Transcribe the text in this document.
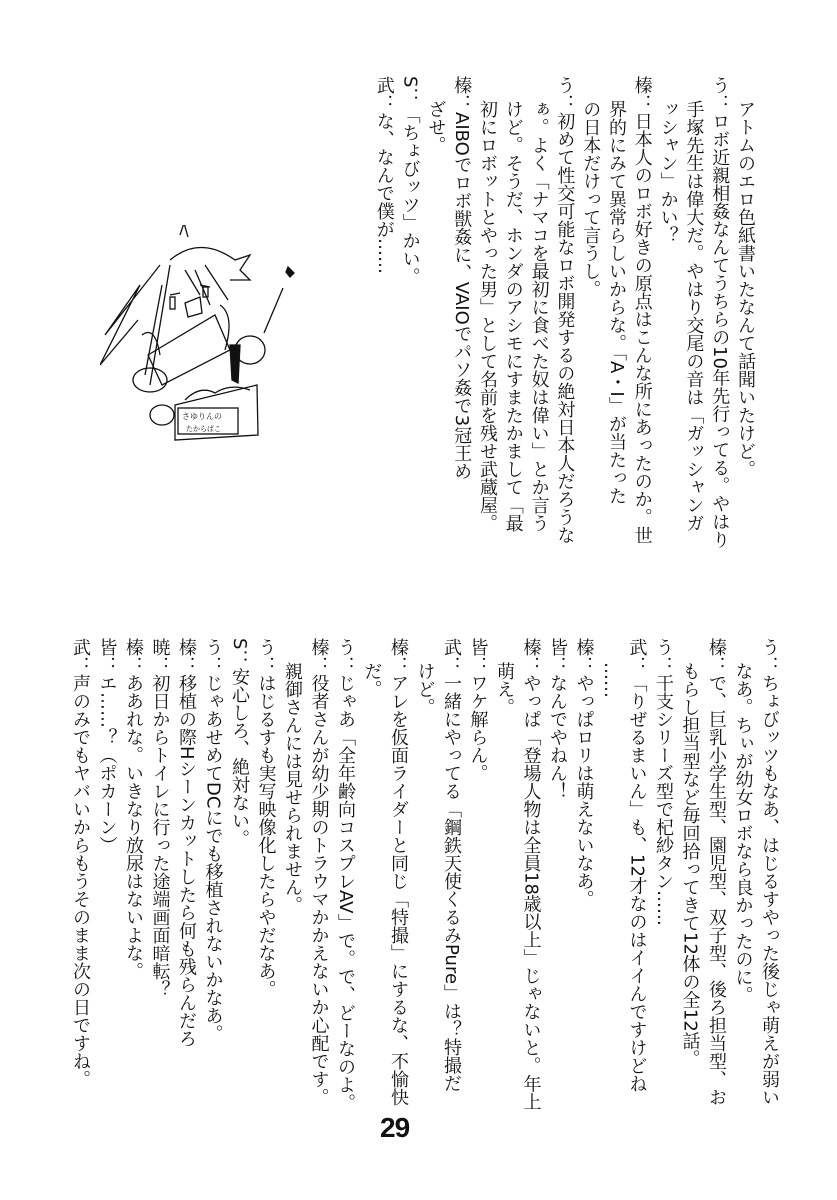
アトムのエロ色紙書いたなんて話聞いたけど。
う：ロボ近親相姦なんてうちらの10年先行ってる。やはり
手塚先生は偉大だ。やはり交尾の音は「ガッシャンガ
ッシャン」かい？
榛：日本人のロボ好きの原点はこんな所にあったのか。世
界的にみて異常らしいからな。「A・I」が当たった
の日本だけって言うし。
う：初めて性交可能なロボ開発するの絶対日本人だろうな
ぁ。よく「ナマコを最初に食べた奴は偉い」とか言う
けど。そうだ、ホンダのアシモにすまたかまして「最
初にロボットとやった男」として名前を残せ武蔵屋。
榛：AIBOでロボ獣姦に、VAIOでパソ姦で3冠王め
ざせ。
S：「ちょびッツ」かい。
武：な、なんで僕が……
う：ちょびッツもなあ、はじるすやった後じゃ萌えが弱い
なあ。ちぃが幼女ロボなら良かったのに。
榛：で、巨乳小学生型、園児型、双子型、後ろ担当型、お
もらし担当型など毎回拾ってきて12体の全12話。
う：干支シリーズ型で杞紗タン……
武：「りぜるまいん」も、12才なのはイイんですけどね
……
榛：やっぱロリは萌えないなあ。
皆：なんでやねん！
榛：やっぱ「登場人物は全員18歳以上」じゃないと。年上
萌え。
皆：ワケ解らん。
武：一緒にやってる「鋼鉄天使くるみPure」は？特撮だ
けど。
榛：アレを仮面ライダーと同じ「特撮」にするな、不愉快
だ。
う：じゃあ「全年齢向コスプレAV」で。で、どーなのよ。
榛：役者さんが幼少期のトラウマかかえないか心配です。
親御さんには見せられません。
う：はじるすも実写映像化したらやだなあ。
S：安心しろ、絶対ない。
う：じゃあせめてDCにでも移植されないかなあ。
榛：移植の際Hシーンカットしたら何も残らんだろ
暁：初日からトイレに行った途端画面暗転？
榛：ああれな。いきなり放尿はないよな。
皆：エ……？（ポカーン）
武：声のみでもヤバいからもうそのまま次の日ですね。
さゆりんの
たからばこ
29
